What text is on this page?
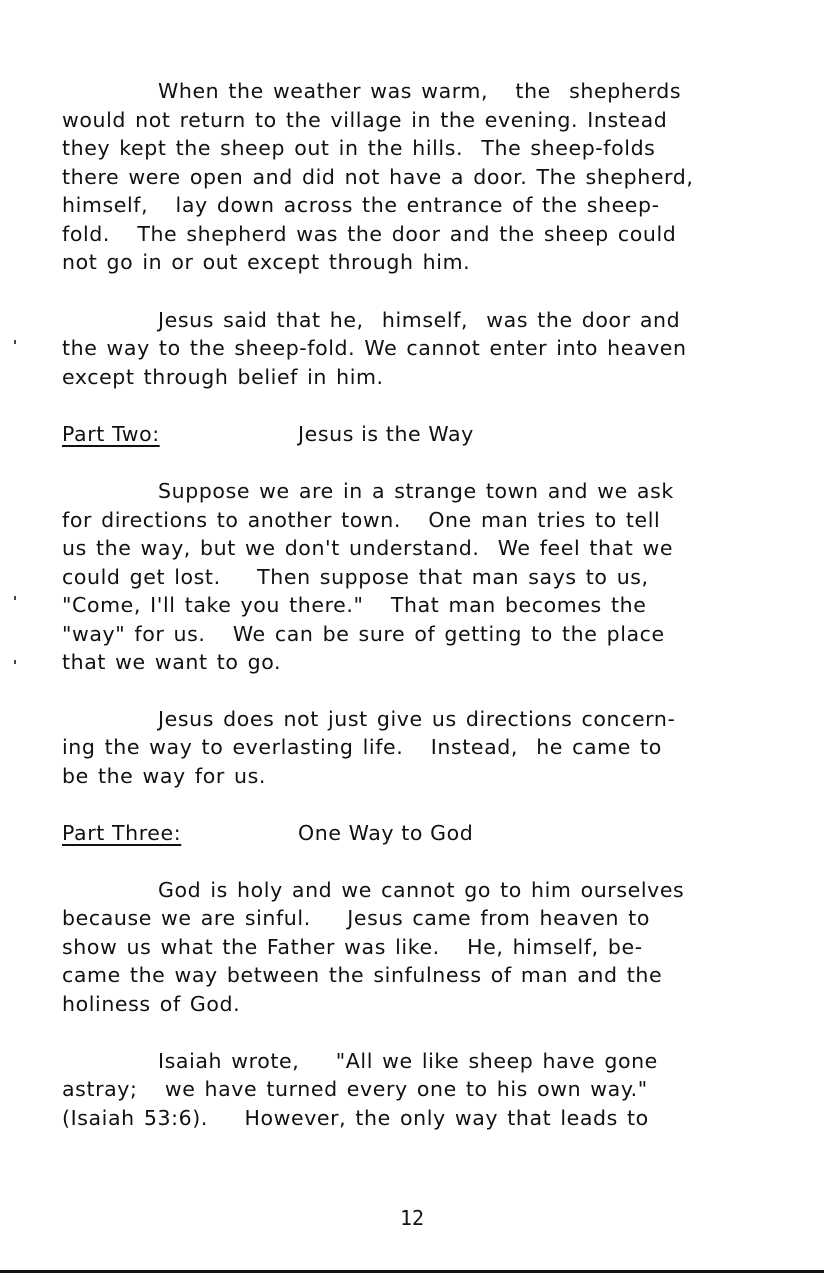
When the weather was warm,   the  shepherds
would not return to the village in the evening. Instead
they kept the sheep out in the hills.  The sheep-folds
there were open and did not have a door. The shepherd,
himself,   lay down across the entrance of the sheep-
fold.   The shepherd was the door and the sheep could
not go in or out except through him.
Jesus said that he,  himself,  was the door and
the way to the sheep-fold. We cannot enter into heaven
except through belief in him.
Part Two:	Jesus is the Way
Suppose we are in a strange town and we ask
for directions to another town.   One man tries to tell
us the way, but we don't understand.  We feel that we
could get lost.    Then suppose that man says to us,
"Come, I'll take you there."   That man becomes the
"way" for us.   We can be sure of getting to the place
that we want to go.
Jesus does not just give us directions concern-
ing the way to everlasting life.   Instead,  he came to
be the way for us.
Part Three:	One Way to God
God is holy and we cannot go to him ourselves
because we are sinful.    Jesus came from heaven to
show us what the Father was like.   He, himself, be-
came the way between the sinfulness of man and the
holiness of God.
Isaiah wrote,    "All we like sheep have gone
astray;   we have turned every one to his own way."
(Isaiah 53:6).    However, the only way that leads to
12
